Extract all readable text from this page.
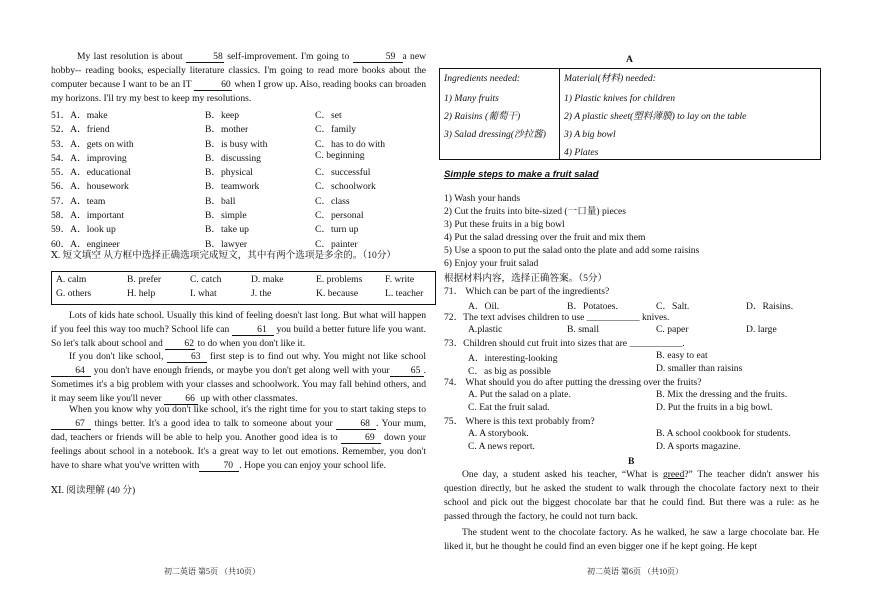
My last resolution is about	58 self-improvement. I'm going to	59 a new hobby-- reading books, especially literature classics. I'm going to read more books about the computer because I want to be an IT	60 when I grow up. Also, reading books can broaden my horizons. I'll try my best to keep my resolutions.
51．A．make	B．keep	C．set
52．A．friend	B．mother	C．family
53．A．gets on with	B．is busy with	C．has to do with
54．A．improving	B．discussing	C. beginning
55．A．educational	B．physical	C．successful
56．A．housework	B．teamwork	C．schoolwork
57．A．team	B．ball	C．class
58．A．important	B．simple	C．personal
59．A．look up	B．take up	C．turn up
60．A．engineer	B．lawyer	C．painter
Ⅹ. 短文填空 从方框中选择正确选项完成短文，其中有两个选项是多余的。（10分）
A. calm	B. prefer	C. catch	D. make	E. problems F. write
G. others	H. help	I. what	J. the	K. because	L. teacher
Lots of kids hate school. Usually this kind of feeling doesn't last long. But what will happen if you feel this way too much? School life can	61 you build a better future life you want. So let's talk about school and 62 to do when you don't like it.
If you don't like school,	63 first step is to find out why. You might not like school 64 you don't have enough friends, or maybe you don't get along well with your 65 . Sometimes it's a big problem with your classes and schoolwork. You may fall behind others, and it may seem like you'll never 66 up with other classmates.
When you know why you don't like school, it's the right time for you to start taking steps to67 things better. It's a good idea to talk to someone about your	68 . Your mum, dad, teachers or friends will be able to help you. Another good idea is to	69 down your feelings about school in a notebook. It's a great way to let out emotions. Remember, you don't have to share what you've written with	70 . Hope you can enjoy your school life.
ⅩⅠ. 阅读理解 (40 分)
初二英语 第5页 （共10页）
A
Ingredients needed:
1) Many fruits
2) Raisins (葡萄干)
3) Salad dressing(沙拉酱)
Material(材料) needed:
1) Plastic knives for children
2) A plastic sheet(塑料薄膜) to lay on the table
3) A big bowl
4) Plates
Simple steps to make a fruit salad
1) Wash your hands
2) Cut the fruits into bite-sized (一口量) pieces
3) Put these fruits in a big bowl
4) Put the salad dressing over the fruit and mix them
5) Use a spoon to put the salad onto the plate and add some raisins
6) Enjoy your fruit salad
根据材料内容，选择正确答案。（5分）
71． Which can be part of the ingredients?
A．Oil.	B．Potatoes.	C．Salt.	D．Raisins.
72．The text advises children to use ___________ knives.
A.plastic	B. small	C. paper	D. large
73．Children should cut fruit into sizes that are ___________.
A．interesting-looking	B. easy to eat
C．as big as possible	D. smaller than raisins
74． What should you do after putting the dressing over the fruits?
A. Put the salad on a plate.	B. Mix the dressing and the fruits.
C. Eat the fruit salad.	D. Put the fruits in a big bowl.
75． Where is this text probably from?
A. A storybook.	B. A school cookbook for students.
C. A news report.	D. A sports magazine.
B
One day, a student asked his teacher, “What is greed?” The teacher didn't answer his question directly, but he asked the student to walk through the chocolate factory next to their school and pick out the biggest chocolate bar that he could find. But there was a rule: as he passed through the factory, he could not turn back.
The student went to the chocolate factory. As he walked, he saw a large chocolate bar. He liked it, but he thought he could find an even bigger one if he kept going. He kept
初二英语 第6页 （共10页）
